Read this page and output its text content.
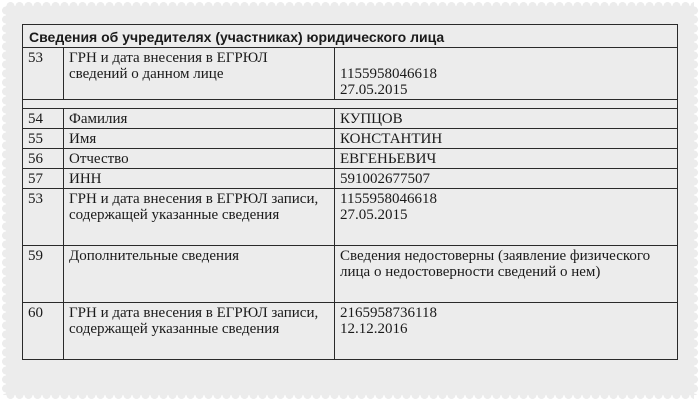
Сведения об учредителях (участниках) юридического лица		
53	ГРН и дата внесения в ЕГРЮЛ сведений о данном лице	1155958046618
27.05.2015

54	Фамилия	КУПЦОВ
55	Имя	КОНСТАНТИН
56	Отчество	ЕВГЕНЬЕВИЧ
57	ИНН	591002677507
53	ГРН и дата внесения в ЕГРЮЛ записи, содержащей указанные сведения	1155958046618
27.05.2015
59	Дополнительные сведения	Сведения недостоверны (заявление физического лица о недостоверности сведений о нем)
60	ГРН и дата внесения в ЕГРЮЛ записи, содержащей указанные сведения	2165958736118
12.12.2016
